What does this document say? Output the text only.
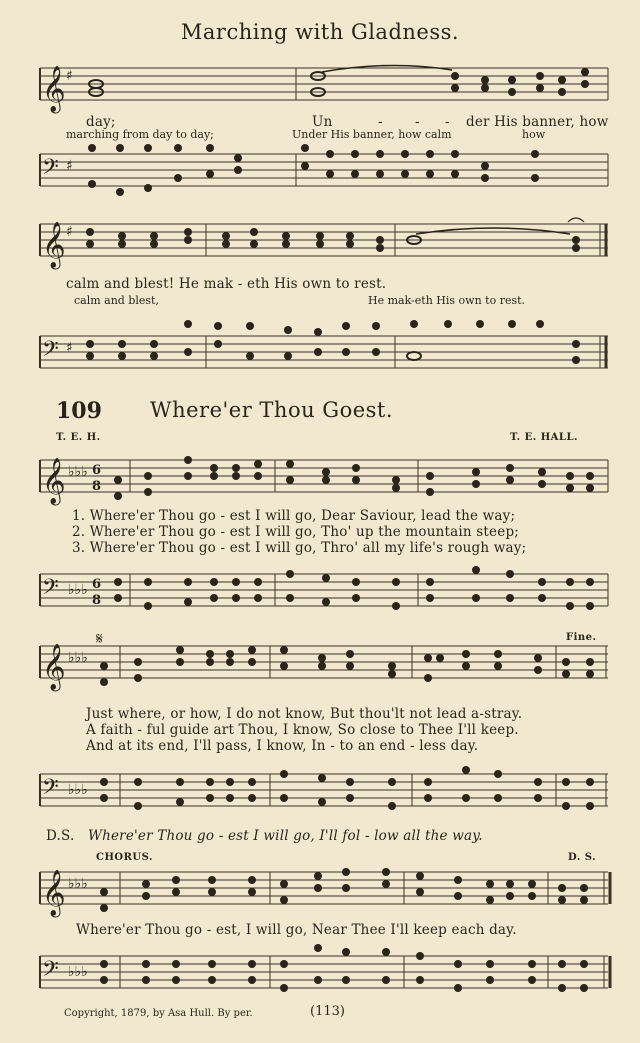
Marching with Gladness.
𝄞 ♯
day;	Un	- - - der His banner, how
marching from day to day;	Under His banner, how calm	how
𝄢 ♯
𝄞 ♯
calm and blest! He mak - eth His own to rest.
calm and blest,	He mak-eth His own to rest.
𝄢 ♯
109 Where'er Thou Goest.
T. E. H.	T. E. HALL.
𝄞 ♭♭♭ 6
8
1. Where'er Thou go - est I will go, Dear Saviour, lead the way;
2. Where'er Thou go - est I will go, Tho' up the mountain steep;
3. Where'er Thou go - est I will go, Thro' all my life's rough way;
𝄢 ♭♭♭ 6
8
𝄞 ♭♭♭
𝄋	Fine.
Just where, or how, I do not know, But thou'lt not lead a-stray.
A faith - ful guide art Thou, I know, So close to Thee I'll keep.
And at its end, I'll pass, I know, In - to an end - less day.
𝄢 ♭♭♭
D.S. Where'er Thou go - est I will go, I'll fol - low all the way.
CHORUS.	D. S.
𝄞 ♭♭♭
Where'er Thou go - est, I will go, Near Thee I'll keep each day.
𝄢 ♭♭♭
Copyright, 1879, by Asa Hull. By per.	(113)
